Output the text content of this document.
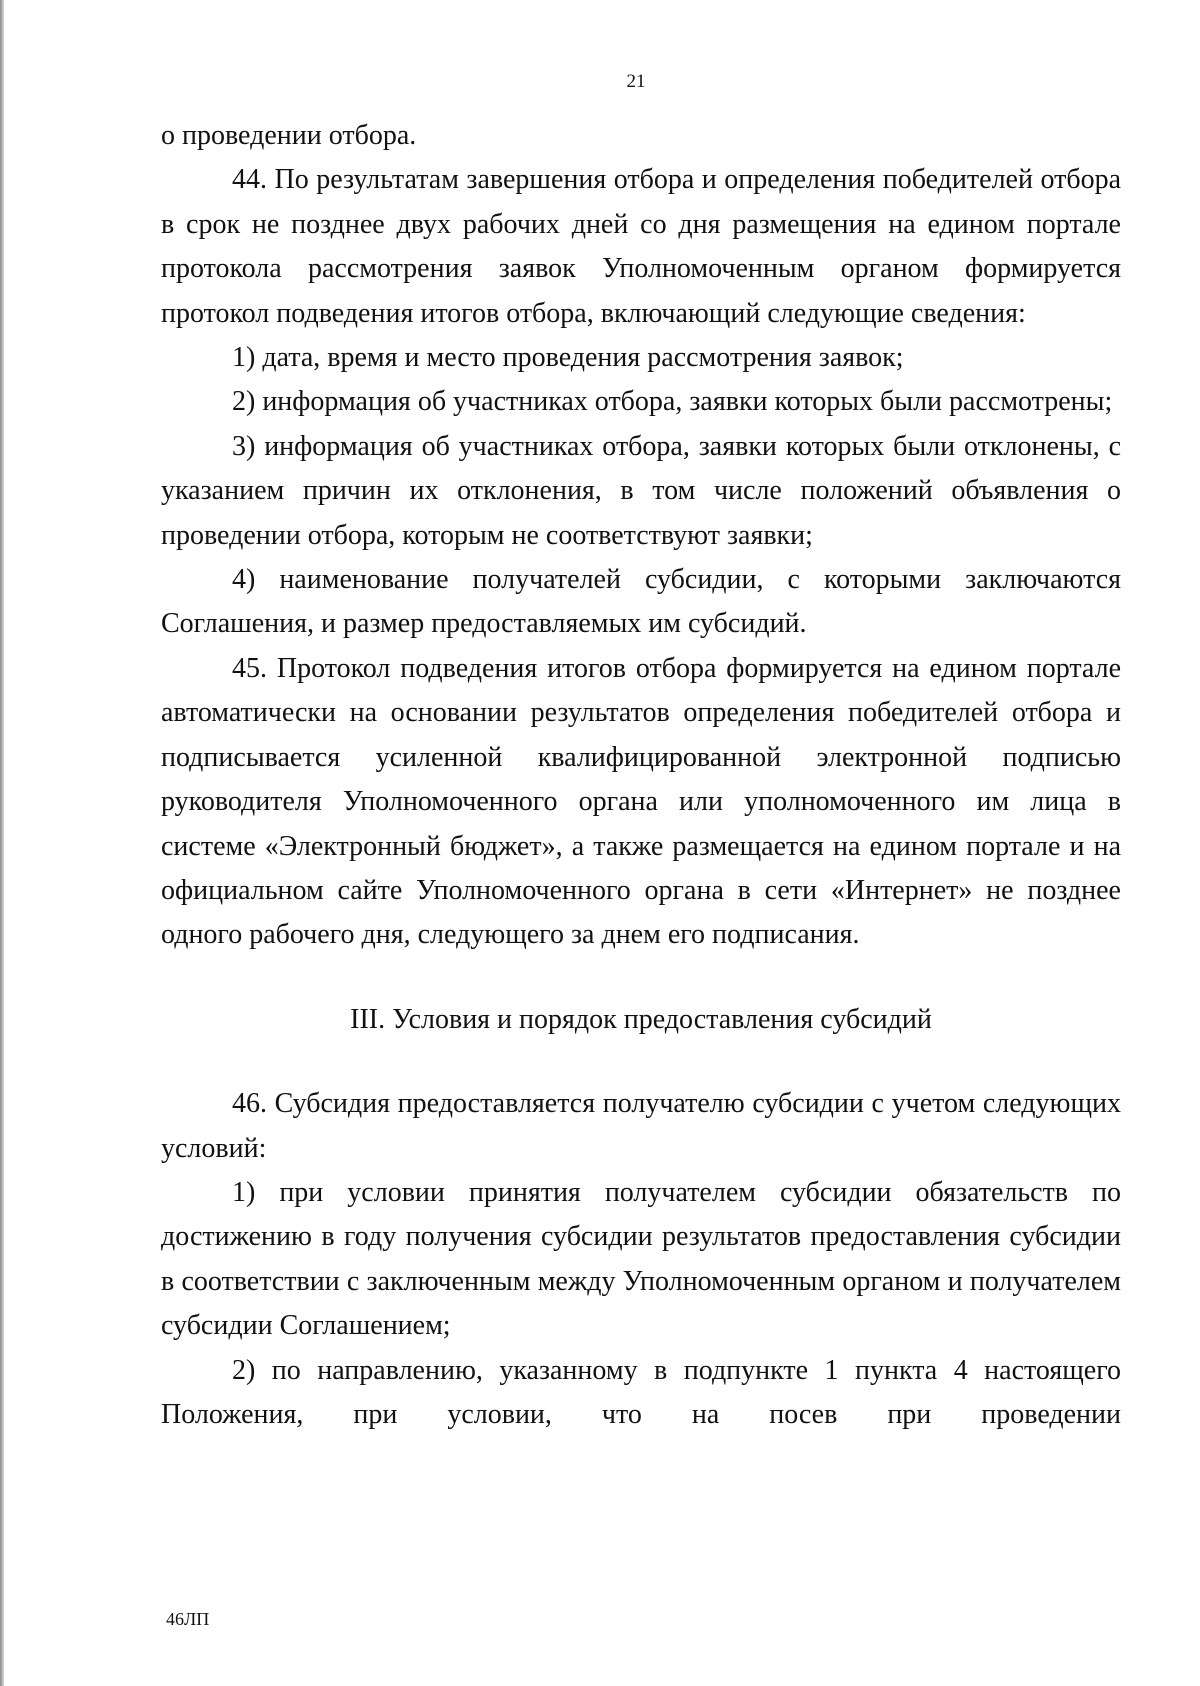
21

о проведении отбора.

44. По результатам завершения отбора и определения победителей отбора в срок не позднее двух рабочих дней со дня размещения на едином портале протокола рассмотрения заявок Уполномоченным органом формируется протокол подведения итогов отбора, включающий следующие сведения:

1) дата, время и место проведения рассмотрения заявок;

2) информация об участниках отбора, заявки которых были рассмотрены;

3) информация об участниках отбора, заявки которых были отклонены, с указанием причин их отклонения, в том числе положений объявления о проведении отбора, которым не соответствуют заявки;

4) наименование получателей субсидии, с которыми заключаются Соглашения, и размер предоставляемых им субсидий.

45. Протокол подведения итогов отбора формируется на едином портале автоматически на основании результатов определения победителей отбора и подписывается усиленной квалифицированной электронной подписью руководителя Уполномоченного органа или уполномоченного им лица в системе «Электронный бюджет», а также размещается на едином портале и на официальном сайте Уполномоченного органа в сети «Интернет» не позднее одного рабочего дня, следующего за днем его подписания.

III. Условия и порядок предоставления субсидий

46. Субсидия предоставляется получателю субсидии с учетом следующих условий:

1) при условии принятия получателем субсидии обязательств по достижению в году получения субсидии результатов предоставления субсидии в соответствии с заключенным между Уполномоченным органом и получателем субсидии Соглашением;

2) по направлению, указанному в подпункте 1 пункта 4 настоящего Положения, при условии, что на посев при проведении

46ЛП
